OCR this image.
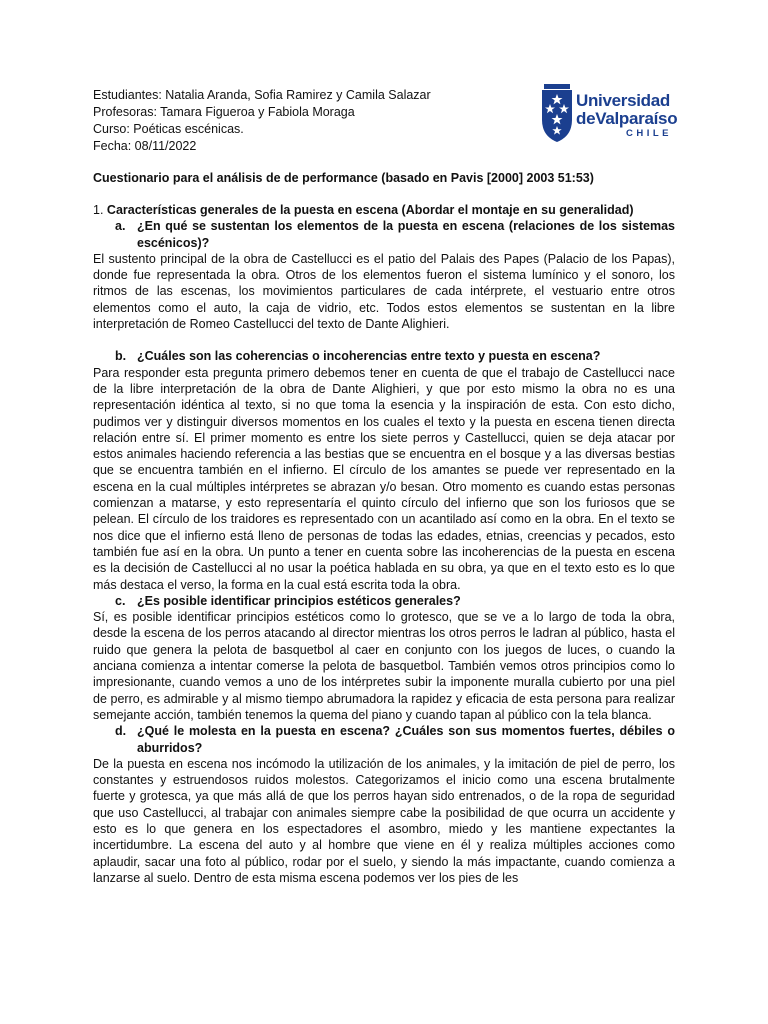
Estudiantes: Natalia Aranda, Sofia Ramirez y Camila Salazar
Profesoras: Tamara Figueroa y Fabiola Moraga
Curso: Poéticas escénicas.
Fecha: 08/11/2022
Universidad
deValparaíso
CHILE
Cuestionario para el análisis de de performance (basado en Pavis [2000] 2003 51:53)
1. Características generales de la puesta en escena (Abordar el montaje en su generalidad)
a. ¿En qué se sustentan los elementos de la puesta en escena (relaciones de los sistemas escénicos)?
El sustento principal de la obra de Castellucci es el patio del Palais des Papes (Palacio de los Papas), donde fue representada la obra. Otros de los elementos fueron el sistema lumínico y el sonoro, los ritmos de las escenas, los movimientos particulares de cada intérprete, el vestuario entre otros elementos como el auto, la caja de vidrio, etc. Todos estos elementos se sustentan en la libre interpretación de Romeo Castellucci del texto de Dante Alighieri.
b. ¿Cuáles son las coherencias o incoherencias entre texto y puesta en escena?
Para responder esta pregunta primero debemos tener en cuenta de que el trabajo de Castellucci nace de la libre interpretación de la obra de Dante Alighieri, y que por esto mismo la obra no es una representación idéntica al texto, si no que toma la esencia y la inspiración de esta. Con esto dicho, pudimos ver y distinguir diversos momentos en los cuales el texto y la puesta en escena tienen directa relación entre sí. El primer momento es entre los siete perros y Castellucci, quien se deja atacar por estos animales haciendo referencia a las bestias que se encuentra en el bosque y a las diversas bestias que se encuentra también en el infierno. El círculo de los amantes se puede ver representado en la escena en la cual múltiples intérpretes se abrazan y/o besan. Otro momento es cuando estas personas comienzan a matarse, y esto representaría el quinto círculo del infierno que son los furiosos que se pelean. El círculo de los traidores es representado con un acantilado así como en la obra. En el texto se nos dice que el infierno está lleno de personas de todas las edades, etnias, creencias y pecados, esto también fue así en la obra. Un punto a tener en cuenta sobre las incoherencias de la puesta en escena es la decisión de Castellucci al no usar la poética hablada en su obra, ya que en el texto esto es lo que más destaca el verso, la forma en la cual está escrita toda la obra.
c. ¿Es posible identificar principios estéticos generales?
Sí, es posible identificar principios estéticos como lo grotesco, que se ve a lo largo de toda la obra, desde la escena de los perros atacando al director mientras los otros perros le ladran al público, hasta el ruido que genera la pelota de basquetbol al caer en conjunto con los juegos de luces, o cuando la anciana comienza a intentar comerse la pelota de basquetbol. También vemos otros principios como lo impresionante, cuando vemos a uno de los intérpretes subir la imponente muralla cubierto por una piel de perro, es admirable y al mismo tiempo abrumadora la rapidez y eficacia de esta persona para realizar semejante acción, también tenemos la quema del piano y cuando tapan al público con la tela blanca.
d. ¿Qué le molesta en la puesta en escena? ¿Cuáles son sus momentos fuertes, débiles o aburridos?
De la puesta en escena nos incómodo la utilización de los animales, y la imitación de piel de perro, los constantes y estruendosos ruidos molestos. Categorizamos el inicio como una escena brutalmente fuerte y grotesca, ya que más allá de que los perros hayan sido entrenados, o de la ropa de seguridad que uso Castellucci, al trabajar con animales siempre cabe la posibilidad de que ocurra un accidente y esto es lo que genera en los espectadores el asombro, miedo y les mantiene expectantes la incertidumbre. La escena del auto y al hombre que viene en él y realiza múltiples acciones como aplaudir, sacar una foto al público, rodar por el suelo, y siendo la más impactante, cuando comienza a lanzarse al suelo. Dentro de esta misma escena podemos ver los pies de les
